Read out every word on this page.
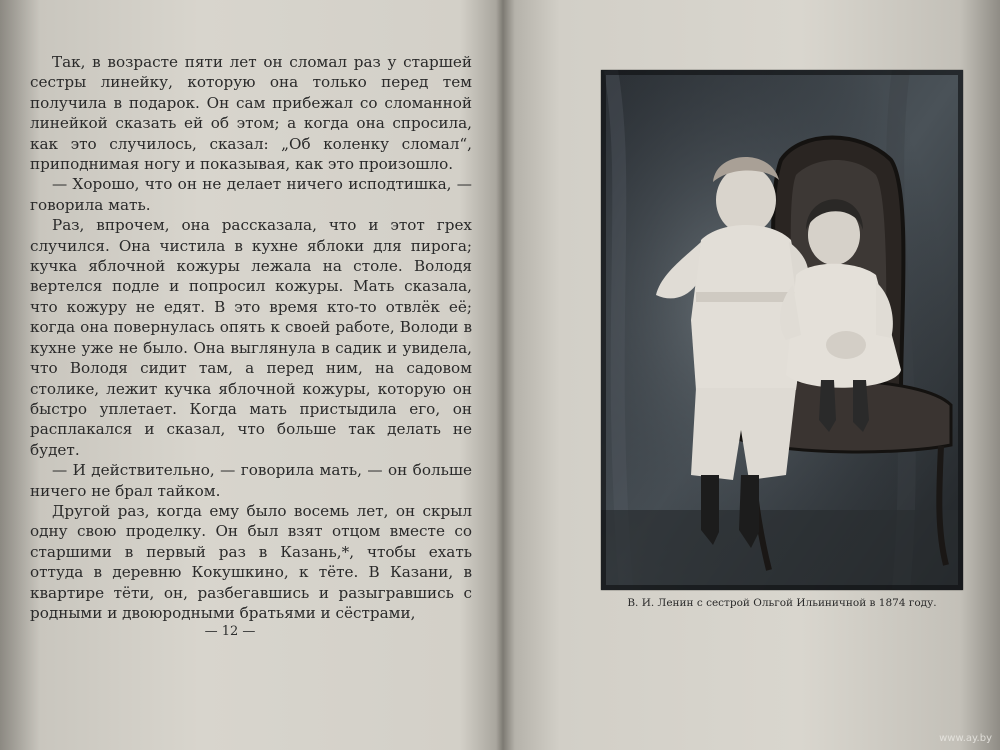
Так, в возрасте пяти лет он сломал раз у старшей сестры линейку, которую она только перед тем получила в подарок. Он сам прибежал со сломанной линейкой сказать ей об этом; а когда она спросила, как это случилось, сказал: „Об коленку сломал“, приподнимая ногу и показывая, как это произошло.

— Хорошо, что он не делает ничего исподтишка, — говорила мать.

Раз, впрочем, она рассказала, что и этот грех случился. Она чистила в кухне яблоки для пирога; кучка яблочной кожуры лежала на столе. Володя вертелся подле и попросил кожуры. Мать сказала, что кожуру не едят. В это время кто-то отвлёк её; когда она повернулась опять к своей работе, Володи в кухне уже не было. Она выглянула в садик и увидела, что Володя сидит там, а перед ним, на садовом столике, лежит кучка яблочной кожуры, которую он быстро уплетает. Когда мать пристыдила его, он расплакался и сказал, что больше так делать не будет.

— И действительно, — говорила мать, — он больше ничего не брал тайком.

Другой раз, когда ему было восемь лет, он скрыл одну свою проделку. Он был взят отцом вместе со старшими в первый раз в Казань,*, чтобы ехать оттуда в деревню Кокушкино, к тёте. В Казани, в квартире тёти, он, разбегавшись и разыгравшись с родными и двоюродными братьями и сёстрами,

— 12 —
В. И. Ленин с сестрой Ольгой Ильиничной в 1874 году.
www.ay.by
